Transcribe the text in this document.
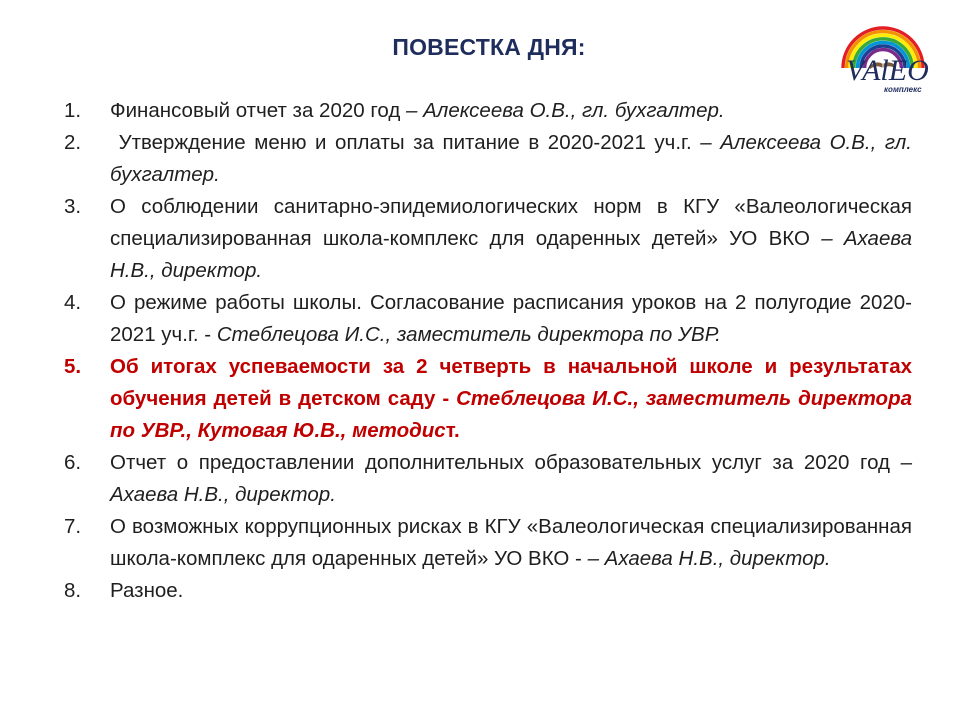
ПОВЕСТКА ДНЯ:
VAlEO
комплекс
1. Финансовый отчет за 2020 год – Алексеева О.В., гл. бухгалтер.
2. Утверждение меню и оплаты за питание в 2020-2021 уч.г. – Алексеева О.В., гл. бухгалтер.
3. О соблюдении санитарно-эпидемиологических норм в КГУ «Валеологическая специализированная школа-комплекс для одаренных детей» УО ВКО – Ахаева Н.В., директор.
4. О режиме работы школы. Согласование расписания уроков на 2 полугодие 2020-2021 уч.г. - Стеблецова И.С., заместитель директора по УВР.
5. Об итогах успеваемости за 2 четверть в начальной школе и результатах обучения детей в детском саду - Стеблецова И.С., заместитель директора по УВР., Кутовая Ю.В., методист.
6. Отчет о предоставлении дополнительных образовательных услуг за 2020 год – Ахаева Н.В., директор.
7. О возможных коррупционных рисках в КГУ «Валеологическая специализированная школа-комплекс для одаренных детей» УО ВКО - – Ахаева Н.В., директор.
8. Разное.
